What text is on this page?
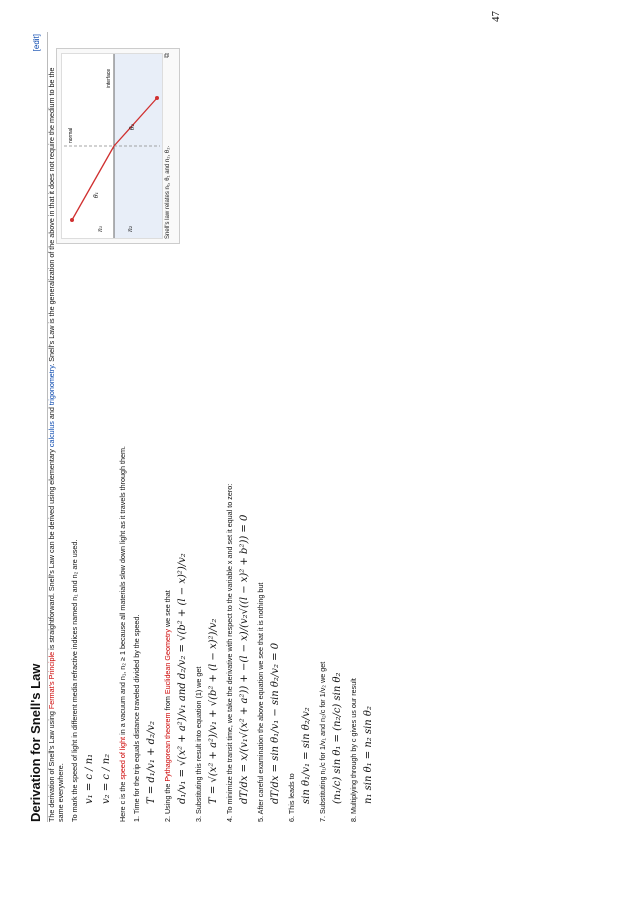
Derivation for Snell's Law
[edit]

The derivation of Snell's Law using Fermat's Principle is straightforward. Snell's Law can be derived using elementary calculus and trigonometry. Snell's Law is the generalization of the above in that it does not require the medium to be the same everywhere. To mark the speed of light in different media refractive indices named n₁ and n₂ are used. v₁ = c / n₁ v₂ = c / n₂ Here c is the speed of light in a vacuum and n₁, n₂ ≥ 1 because all materials slow down light as it travels through them. 1. Time for the trip equals distance traveled divided by the speed. T = d₁/v₁ + d₂/v₂ 2. Using the Pythagorean theorem from Euclidean Geometry we see that d₁/v₁ = √(x² + a²)/v₁ and d₂/v₂ = √(b² + (l − x)²)/v₂ 3. Substituting this result into equation (1) we get T = √(x² + a²)/v₁ + √(b² + (l − x)²)/v₂ 4. To minimize the transit time, we take the derivative with respect to the variable x and set it equal to zero: dT/dx = x/(v₁√(x² + a²)) + −(l − x)/(v₂√((l − x)² + b²)) = 0 5. After careful examination the above equation we see that it is nothing but dT/dx = sin θ₁/v₁ − sin θ₂/v₂ = 0 6. This leads to sin θ₁/v₁ = sin θ₂/v₂ 7. Substituting n₁/c for 1/v₁ and n₂/c for 1/v₂ we get (n₁/c) sin θ₁ = (n₂/c) sin θ₂ 8. Multiplying through by c gives us our result n₁ sin θ₁ = n₂ sin θ₂
θ₁
θ₂
n₁	n₂
interface
normal
Snell's law relates n₁, θ₁ and n₂, θ₂.
⧉
47
